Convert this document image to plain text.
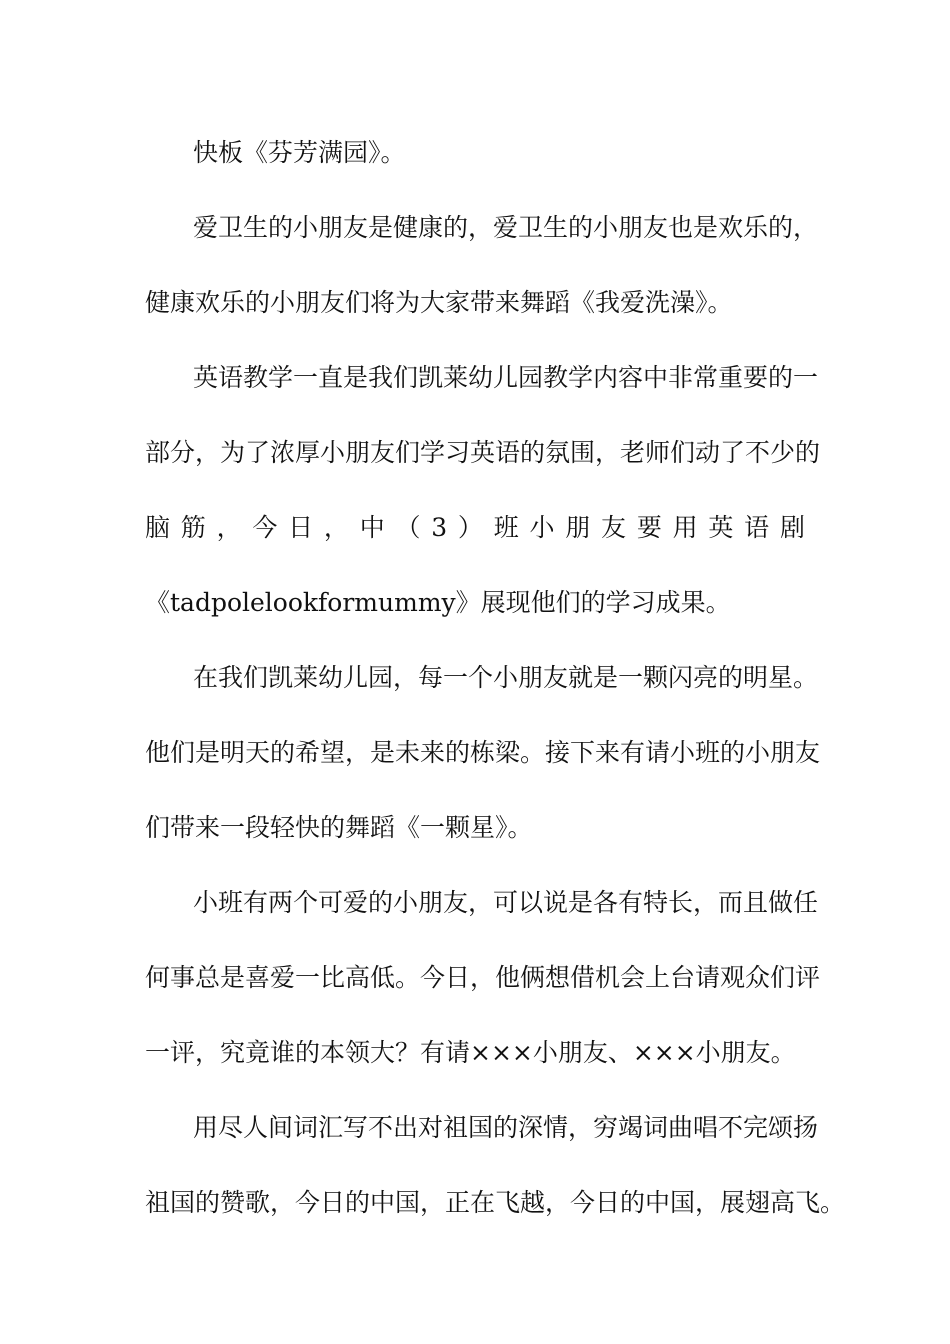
快板《芬芳满园》。
爱卫生的小朋友是健康的，爱卫生的小朋友也是欢乐的，
健康欢乐的小朋友们将为大家带来舞蹈《我爱洗澡》。
英语教学一直是我们凯莱幼儿园教学内容中非常重要的一
部分，为了浓厚小朋友们学习英语的氛围，老师们动了不少的
脑 筋 ， 今 日 ， 中 （ 3 ） 班 小 朋 友 要 用 英 语 剧
《tadpolelookformummy》展现他们的学习成果。
在我们凯莱幼儿园，每一个小朋友就是一颗闪亮的明星。
他们是明天的希望，是未来的栋梁。接下来有请小班的小朋友
们带来一段轻快的舞蹈《一颗星》。
小班有两个可爱的小朋友，可以说是各有特长，而且做任
何事总是喜爱一比高低。今日，他俩想借机会上台请观众们评
一评，究竟谁的本领大？有请×××小朋友、×××小朋友。
用尽人间词汇写不出对祖国的深情，穷竭词曲唱不完颂扬
祖国的赞歌，今日的中国，正在飞越，今日的中国，展翅高飞。
